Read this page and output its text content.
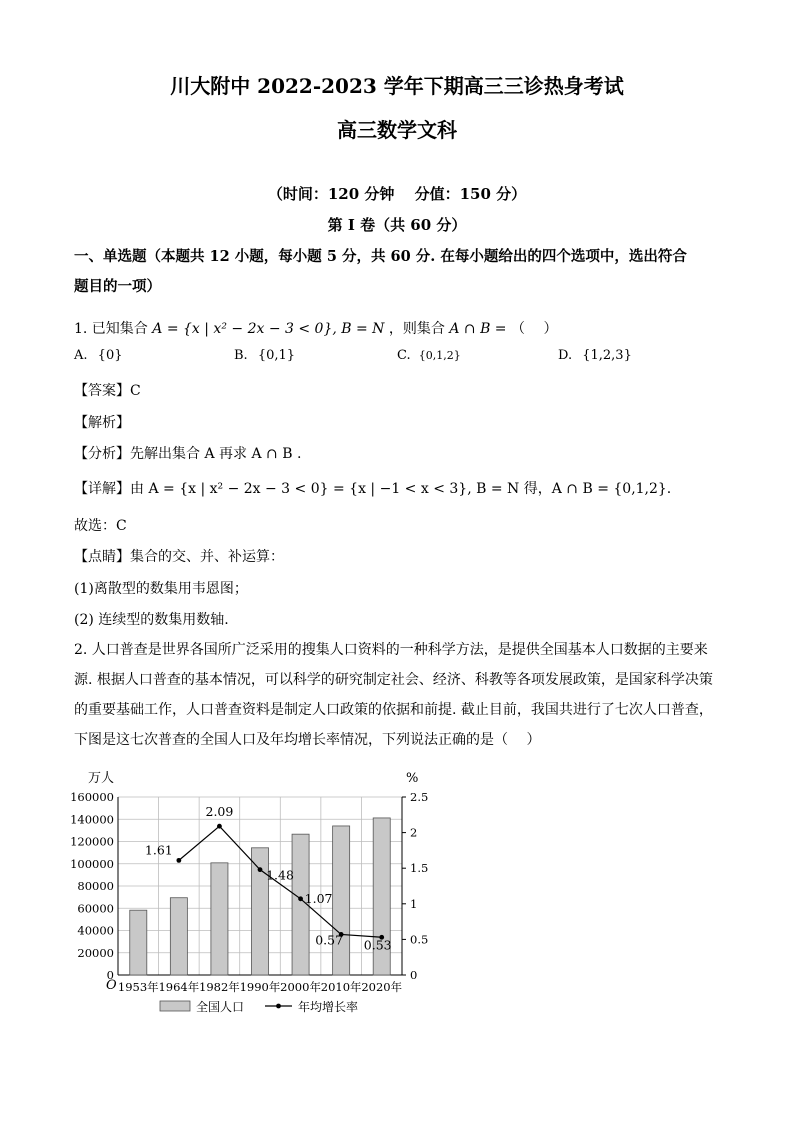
川大附中 2022-2023 学年下期高三三诊热身考试
高三数学文科
（时间：120 分钟　 分值：150 分）
第 I 卷（共 60 分）
一、单选题（本题共 12 小题，每小题 5 分，共 60 分. 在每小题给出的四个选项中，选出符合
题目的一项）
1. 已知集合 A = {x | x² − 2x − 3 < 0}, B = N ，则集合 A ∩ B = （　 ）
A. {0}	B. {0,1}	C. {0,1,2}	D. {1,2,3}
【答案】C
【解析】
【分析】先解出集合 A 再求 A ∩ B .
【详解】由 A = {x | x² − 2x − 3 < 0} = {x | −1 < x < 3}, B = N 得，A ∩ B = {0,1,2}.
故选：C
【点睛】集合的交、并、补运算：
(1)离散型的数集用韦恩图；
(2) 连续型的数集用数轴.
2. 人口普查是世界各国所广泛采用的搜集人口资料的一种科学方法，是提供全国基本人口数据的主要来
源. 根据人口普查的基本情况，可以科学的研究制定社会、经济、科教等各项发展政策，是国家科学决策
的重要基础工作，人口普查资料是制定人口政策的依据和前提. 截止目前，我国共进行了七次人口普查，
下图是这七次普查的全国人口及年均增长率情况，下列说法正确的是（　 ）
0
20000
40000
60000
80000
100000
120000
140000
160000
0
0.5
1
1.5
2
2.5
万人	%
O 1953年 1964年 1982年 1990年 2000年 2010年 2020年
1.61
2.09
1.48
1.07
0.57 0.53
全国人口	年均增长率
